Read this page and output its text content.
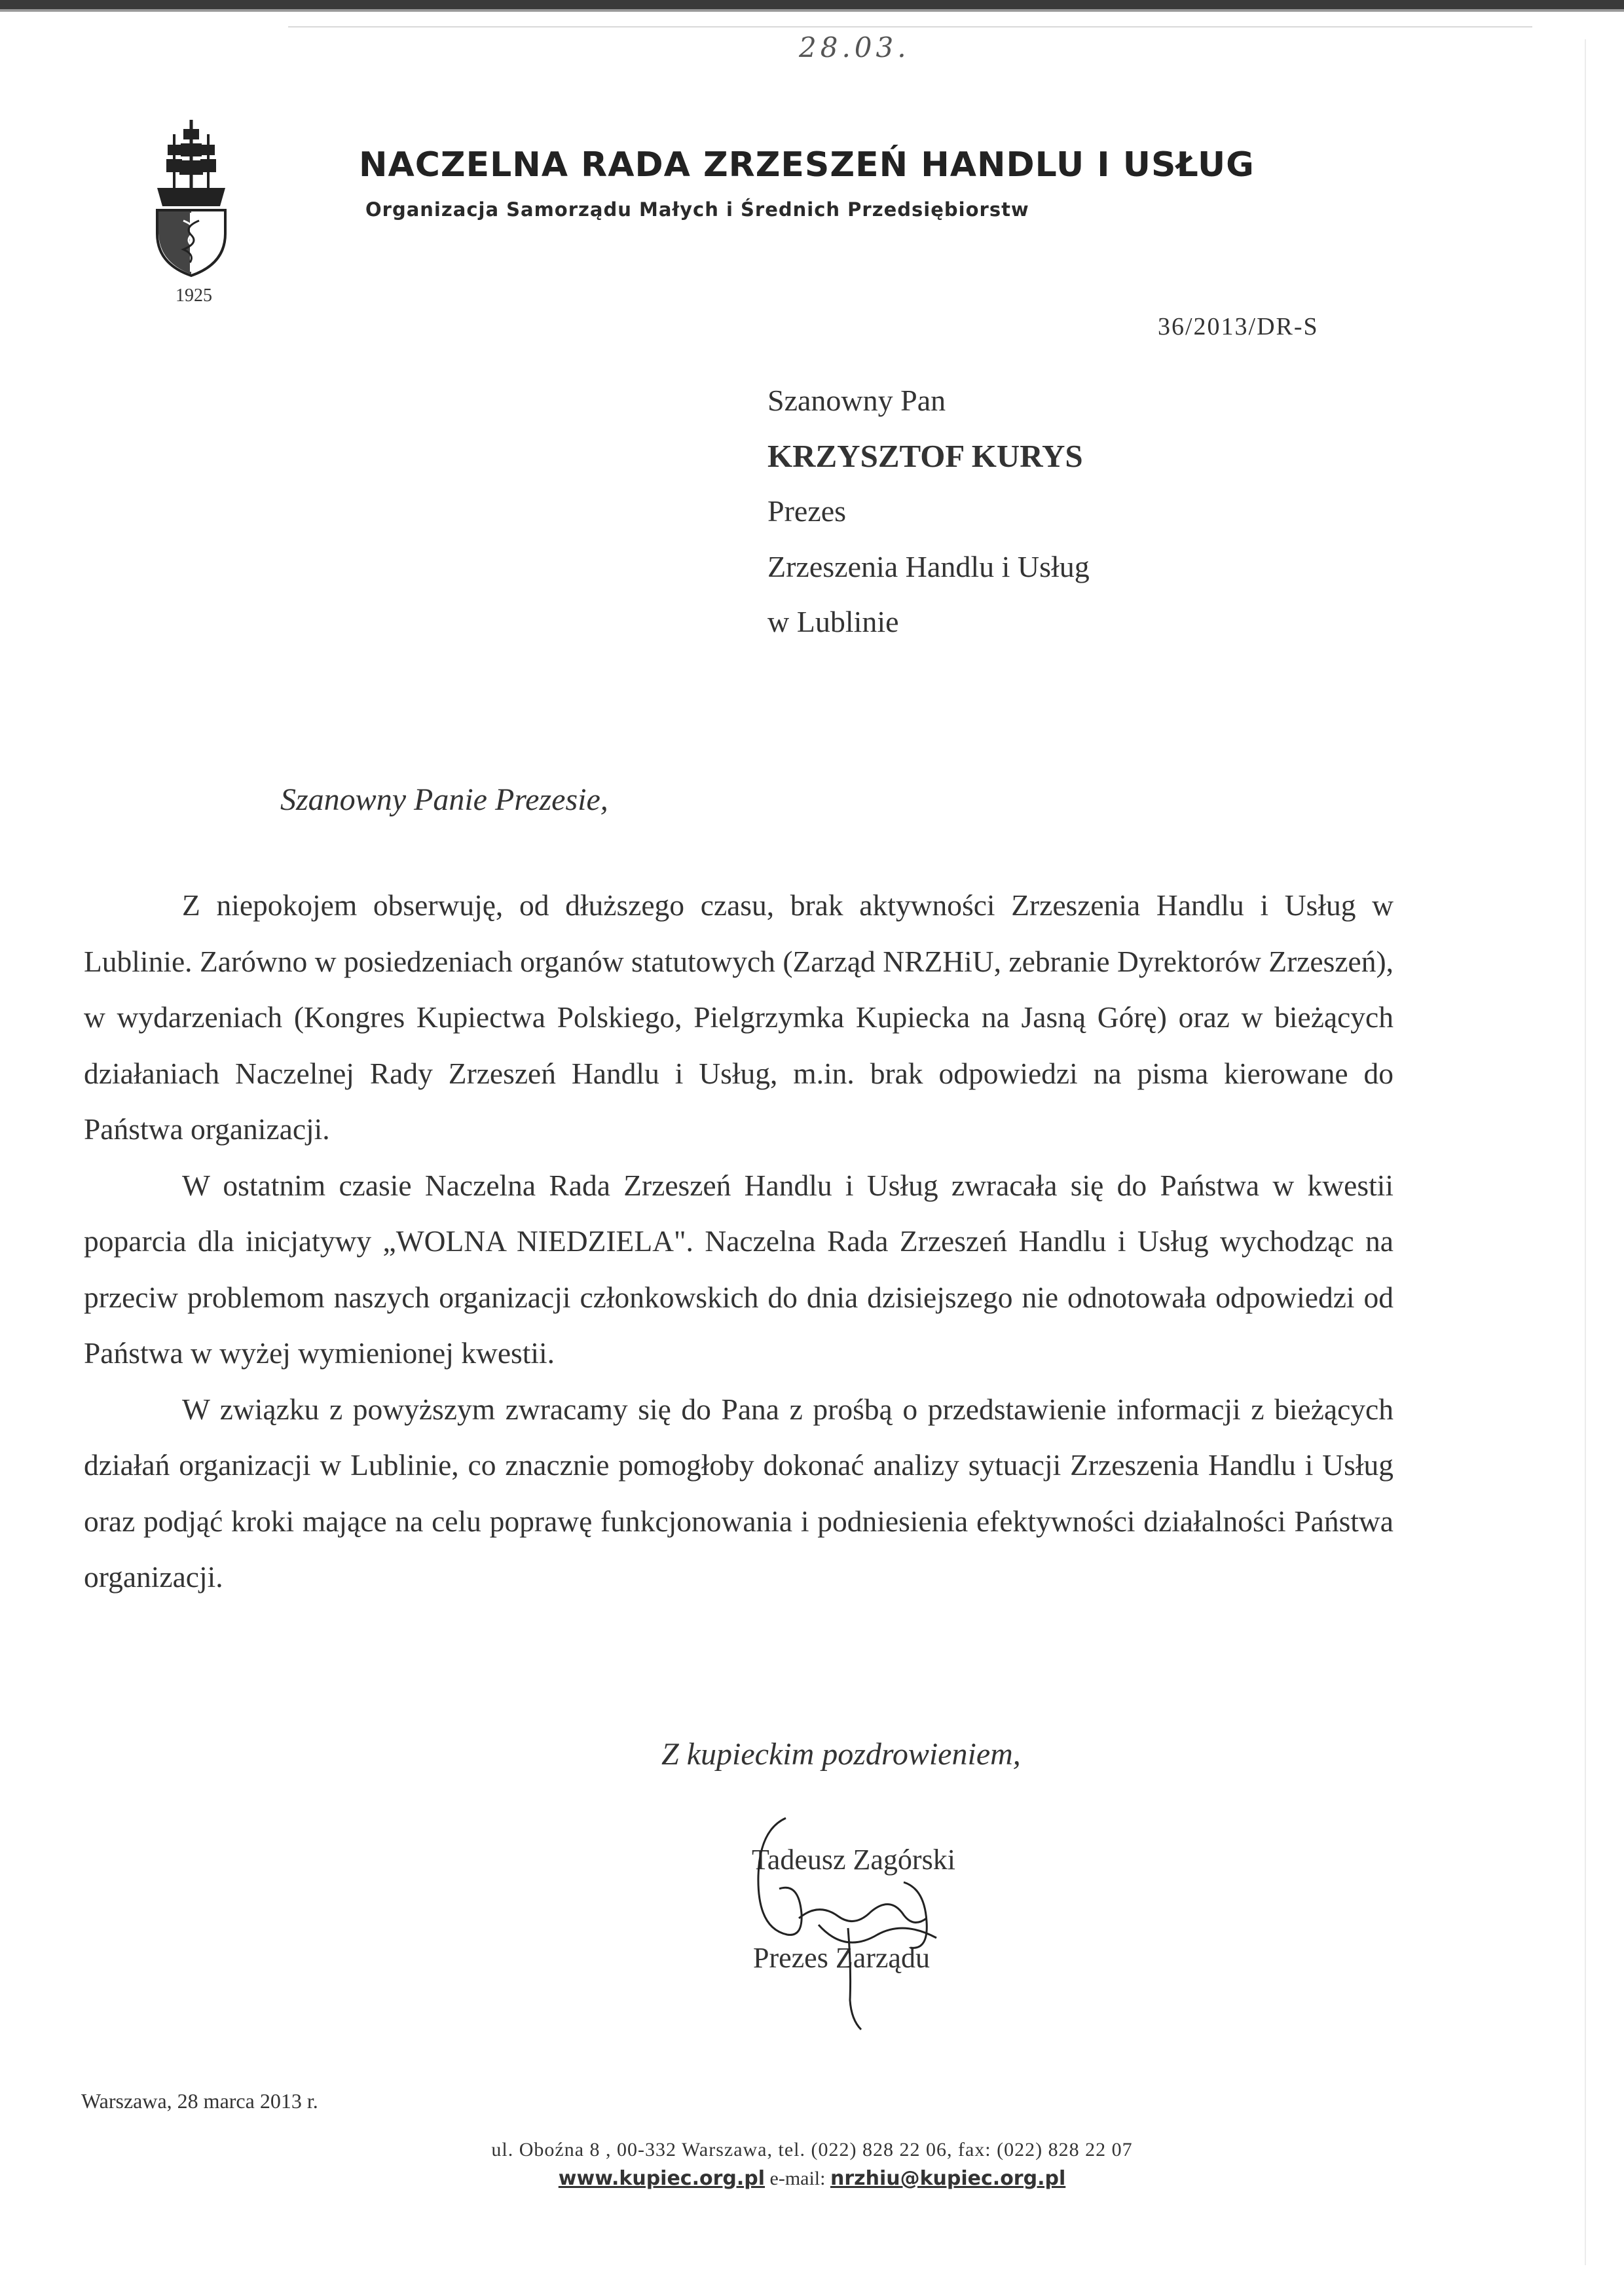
28.03.
1925
NACZELNA RADA ZRZESZEŃ HANDLU I USŁUG
Organizacja Samorządu Małych i Średnich Przedsiębiorstw
36/2013/DR-S
Szanowny Pan
KRZYSZTOF KURYS
Prezes
Zrzeszenia Handlu i Usług
w Lublinie
Szanowny Panie Prezesie,

Z niepokojem obserwuję, od dłuższego czasu, brak aktywności Zrzeszenia Handlu i Usług w Lublinie. Zarówno w posiedzeniach organów statutowych (Zarząd NRZHiU, zebranie Dyrektorów Zrzeszeń), w wydarzeniach (Kongres Kupiectwa Polskiego, Pielgrzymka Kupiecka na Jasną Górę) oraz w bieżących działaniach Naczelnej Rady Zrzeszeń Handlu i Usług, m.in. brak odpowiedzi na pisma kierowane do Państwa organizacji.

W ostatnim czasie Naczelna Rada Zrzeszeń Handlu i Usług zwracała się do Państwa w kwestii poparcia dla inicjatywy „WOLNA NIEDZIELA". Naczelna Rada Zrzeszeń Handlu i Usług wychodząc na przeciw problemom naszych organizacji członkowskich do dnia dzisiejszego nie odnotowała odpowiedzi od Państwa w wyżej wymienionej kwestii.

W związku z powyższym zwracamy się do Pana z prośbą o przedstawienie informacji z bieżących działań organizacji w Lublinie, co znacznie pomogłoby dokonać analizy sytuacji Zrzeszenia Handlu i Usług oraz podjąć kroki mające na celu poprawę funkcjonowania i podniesienia efektywności działalności Państwa organizacji.

Z kupieckim pozdrowieniem,
Tadeusz Zagórski
Prezes Zarządu
Warszawa, 28 marca 2013 r.
ul. Oboźna 8 , 00-332 Warszawa, tel. (022) 828 22 06, fax: (022) 828 22 07
www.kupiec.org.pl e-mail: nrzhiu@kupiec.org.pl
